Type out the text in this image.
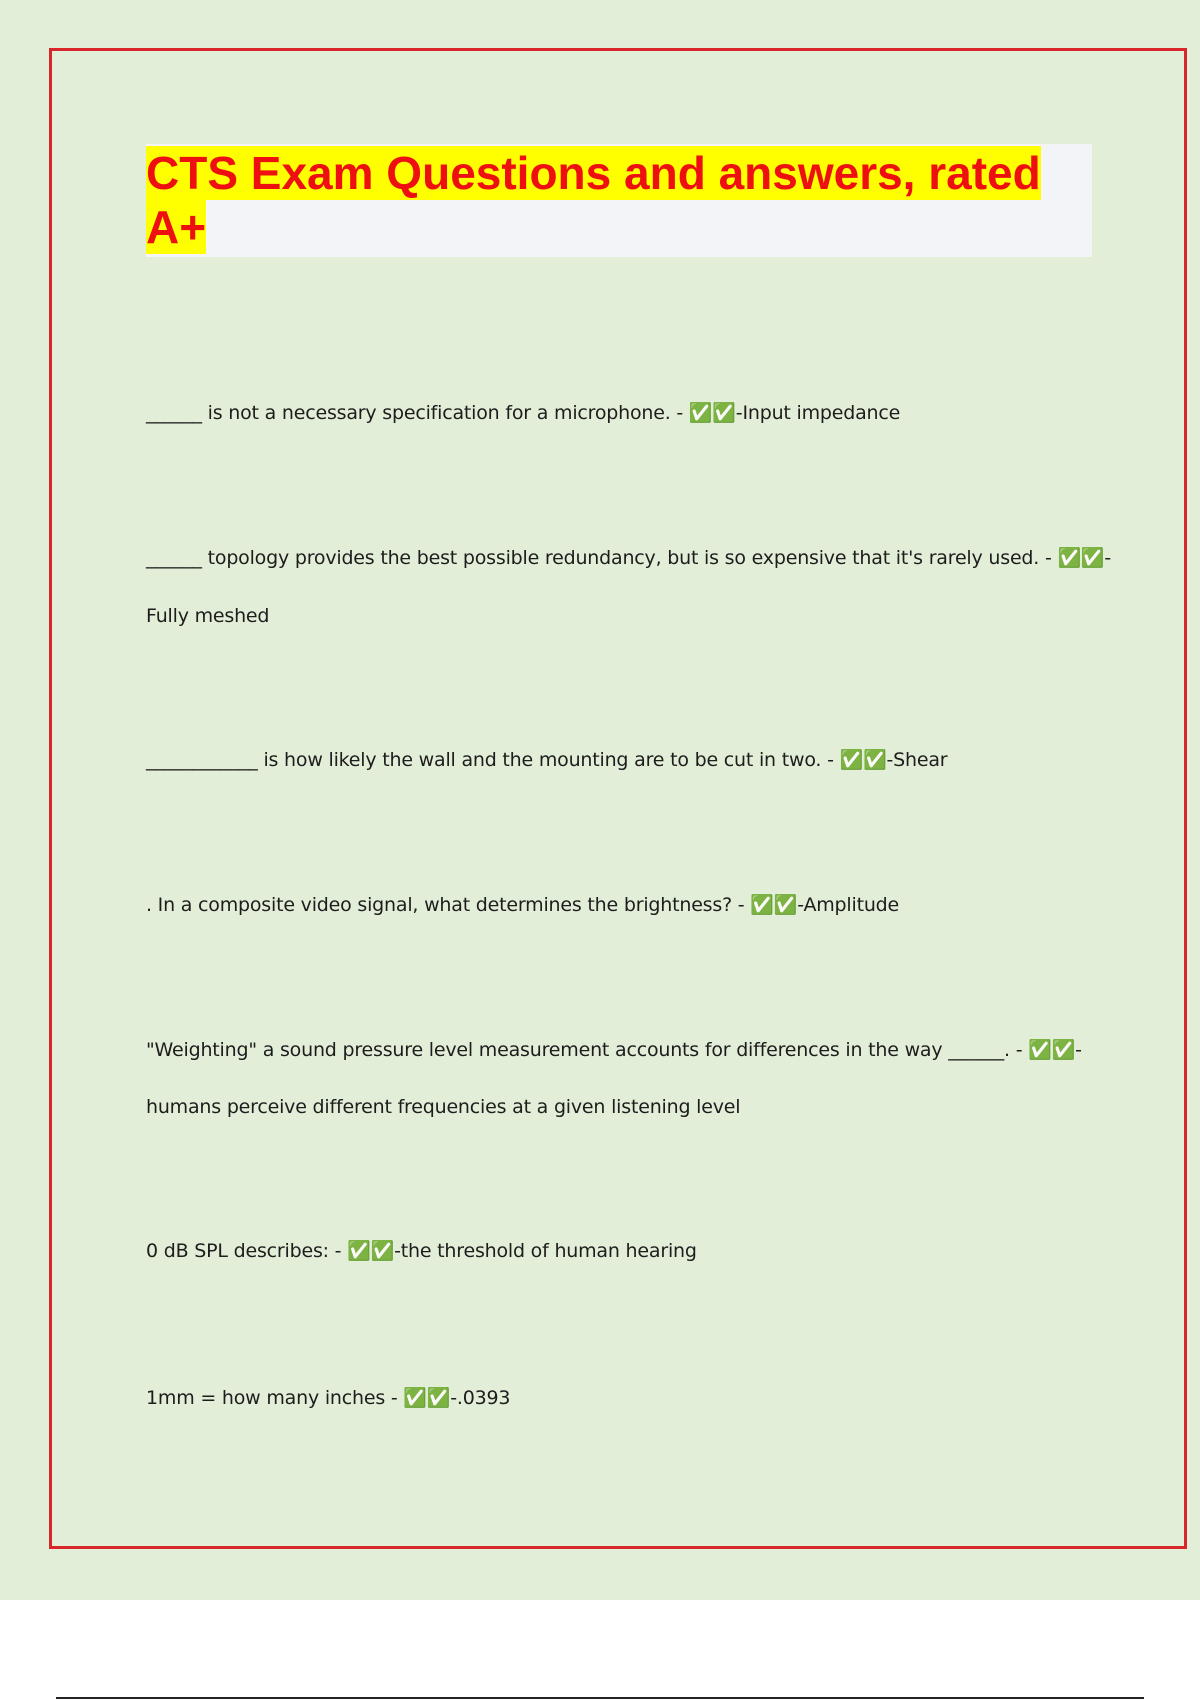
CTS Exam Questions and answers, rated
A+

______ is not a necessary specification for a microphone. - ✅✅-Input impedance

______ topology provides the best possible redundancy, but is so expensive that it's rarely used. - ✅✅-

Fully meshed

____________ is how likely the wall and the mounting are to be cut in two. - ✅✅-Shear

. In a composite video signal, what determines the brightness? - ✅✅-Amplitude

"Weighting" a sound pressure level measurement accounts for differences in the way ______. - ✅✅-

humans perceive different frequencies at a given listening level

0 dB SPL describes: - ✅✅-the threshold of human hearing

1mm = how many inches - ✅✅-.0393
